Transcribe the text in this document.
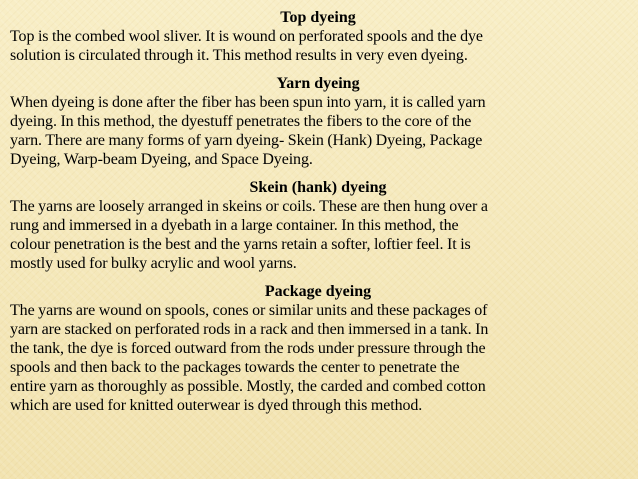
Top dyeing

Top is the combed wool sliver. It is wound on perforated spools and the dye
solution is circulated through it. This method results in very even dyeing.

Yarn dyeing

When dyeing is done after the fiber has been spun into yarn, it is called yarn
dyeing. In this method, the dyestuff penetrates the fibers to the core of the
yarn. There are many forms of yarn dyeing- Skein (Hank) Dyeing, Package
Dyeing, Warp-beam Dyeing, and Space Dyeing.

Skein (hank) dyeing

The yarns are loosely arranged in skeins or coils. These are then hung over a
rung and immersed in a dyebath in a large container. In this method, the
colour penetration is the best and the yarns retain a softer, loftier feel. It is
mostly used for bulky acrylic and wool yarns.

Package dyeing

The yarns are wound on spools, cones or similar units and these packages of
yarn are stacked on perforated rods in a rack and then immersed in a tank. In
the tank, the dye is forced outward from the rods under pressure through the
spools and then back to the packages towards the center to penetrate the
entire yarn as thoroughly as possible. Mostly, the carded and combed cotton
which are used for knitted outerwear is dyed through this method.
